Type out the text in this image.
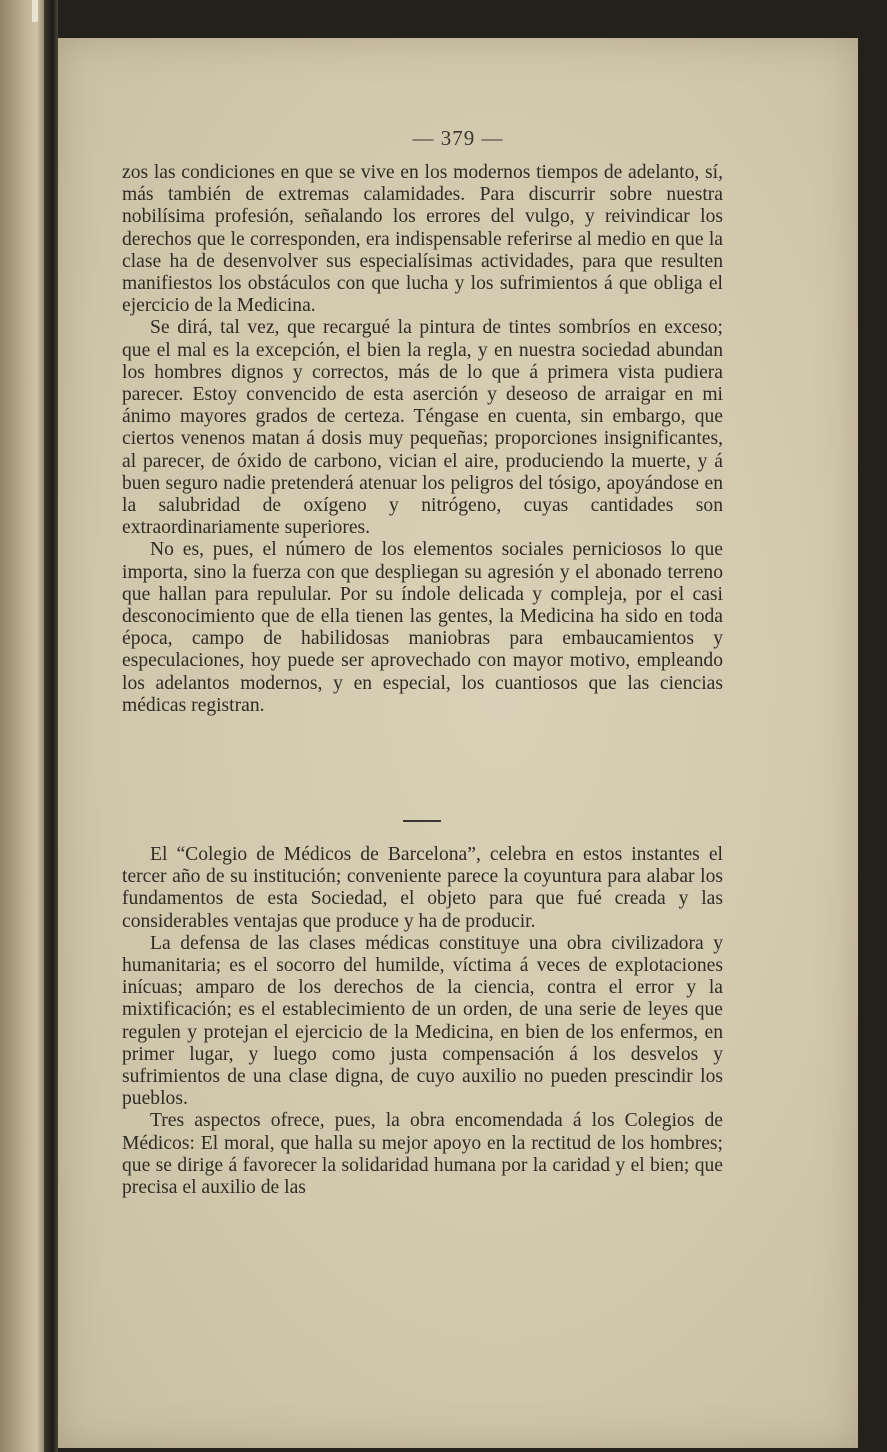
— 379 —

zos las condiciones en que se vive en los modernos tiempos de adelanto, sí, más también de extremas calamidades. Para discurrir sobre nuestra nobilísima profesión, señalando los errores del vulgo, y reivindicar los derechos que le corresponden, era indispensable referirse al medio en que la clase ha de desenvolver sus especialísimas actividades, para que resulten manifiestos los obstáculos con que lucha y los sufrimientos á que obliga el ejercicio de la Medicina.

Se dirá, tal vez, que recargué la pintura de tintes sombríos en exceso; que el mal es la excepción, el bien la regla, y en nuestra sociedad abundan los hombres dignos y correctos, más de lo que á primera vista pudiera parecer. Estoy convencido de esta aserción y deseoso de arraigar en mi ánimo mayores grados de certeza. Téngase en cuenta, sin embargo, que ciertos venenos matan á dosis muy pequeñas; proporciones insignificantes, al parecer, de óxido de carbono, vician el aire, produciendo la muerte, y á buen seguro nadie pretenderá atenuar los peligros del tósigo, apoyándose en la salubridad de oxígeno y nitrógeno, cuyas cantidades son extraordinariamente superiores.

No es, pues, el número de los elementos sociales perniciosos lo que importa, sino la fuerza con que despliegan su agresión y el abonado terreno que hallan para repulular. Por su índole delicada y compleja, por el casi desconocimiento que de ella tienen las gentes, la Medicina ha sido en toda época, campo de habilidosas maniobras para embaucamientos y especulaciones, hoy puede ser aprovechado con mayor motivo, empleando los adelantos modernos, y en especial, los cuantiosos que las ciencias médicas registran.

El “Colegio de Médicos de Barcelona”, celebra en estos instantes el tercer año de su institución; conveniente parece la coyuntura para alabar los fundamentos de esta Sociedad, el objeto para que fué creada y las considerables ventajas que produce y ha de producir.

La defensa de las clases médicas constituye una obra civilizadora y humanitaria; es el socorro del humilde, víctima á veces de explotaciones inícuas; amparo de los derechos de la ciencia, contra el error y la mixtificación; es el establecimiento de un orden, de una serie de leyes que regulen y protejan el ejercicio de la Medicina, en bien de los enfermos, en primer lugar, y luego como justa compensación á los desvelos y sufrimientos de una clase digna, de cuyo auxilio no pueden prescindir los pueblos.

Tres aspectos ofrece, pues, la obra encomendada á los Colegios de Médicos: El moral, que halla su mejor apoyo en la rectitud de los hombres; que se dirige á favorecer la solidaridad humana por la caridad y el bien; que precisa el auxilio de las
